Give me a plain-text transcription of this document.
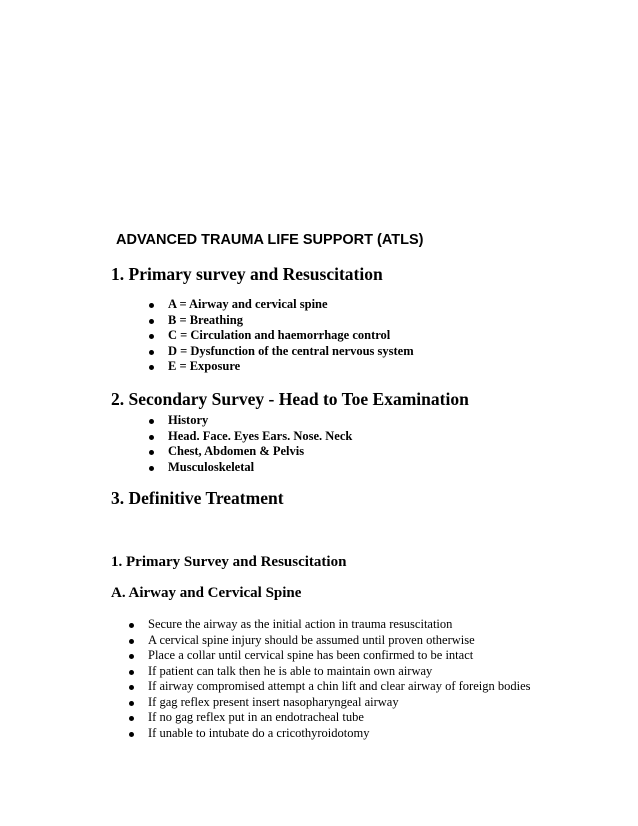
ADVANCED TRAUMA LIFE SUPPORT (ATLS)
1. Primary survey and Resuscitation
A = Airway and cervical spine
B = Breathing
C = Circulation and haemorrhage control
D = Dysfunction of the central nervous system
E = Exposure
2. Secondary Survey - Head to Toe Examination
History
Head. Face. Eyes Ears. Nose. Neck
Chest, Abdomen & Pelvis
Musculoskeletal
3. Definitive Treatment
1. Primary Survey and Resuscitation
A. Airway and Cervical Spine
Secure the airway as the initial action in trauma resuscitation
A cervical spine injury should be assumed until proven otherwise
Place a collar until cervical spine has been confirmed to be intact
If patient can talk then he is able to maintain own airway
If airway compromised attempt a chin lift and clear airway of foreign bodies
If gag reflex present insert nasopharyngeal airway
If no gag reflex put in an endotracheal tube
If unable to intubate do a cricothyroidotomy
